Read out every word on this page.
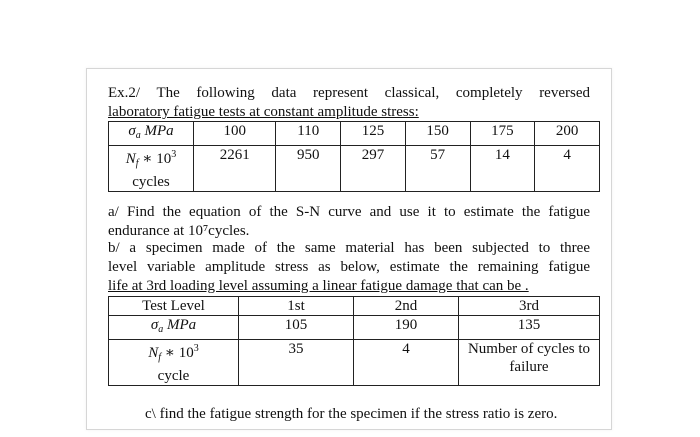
Ex.2/ The following data represent classical, completely reversed
laboratory fatigue tests at constant amplitude stress:
$\sigma_a$ MPa	100	110	125	150	175	200

$N_f$ ∗ $10^3$
cycles	2261	950	297	57	14	4
a/ Find the equation of the S-N curve and use it to estimate the fatigue
endurance at 10⁷cycles.
b/ a specimen made of the same material has been subjected to three
level variable amplitude stress as below, estimate the remaining fatigue
life at 3rd loading level assuming a linear fatigue damage that can be .
Test Level	1st	2nd	3rd
$\sigma_a$ MPa	105	190	135

$N_f$ ∗ $10^3$
cycle	35	4	Number of cycles to failure
c\ find the fatigue strength for the specimen if the stress ratio is zero.
